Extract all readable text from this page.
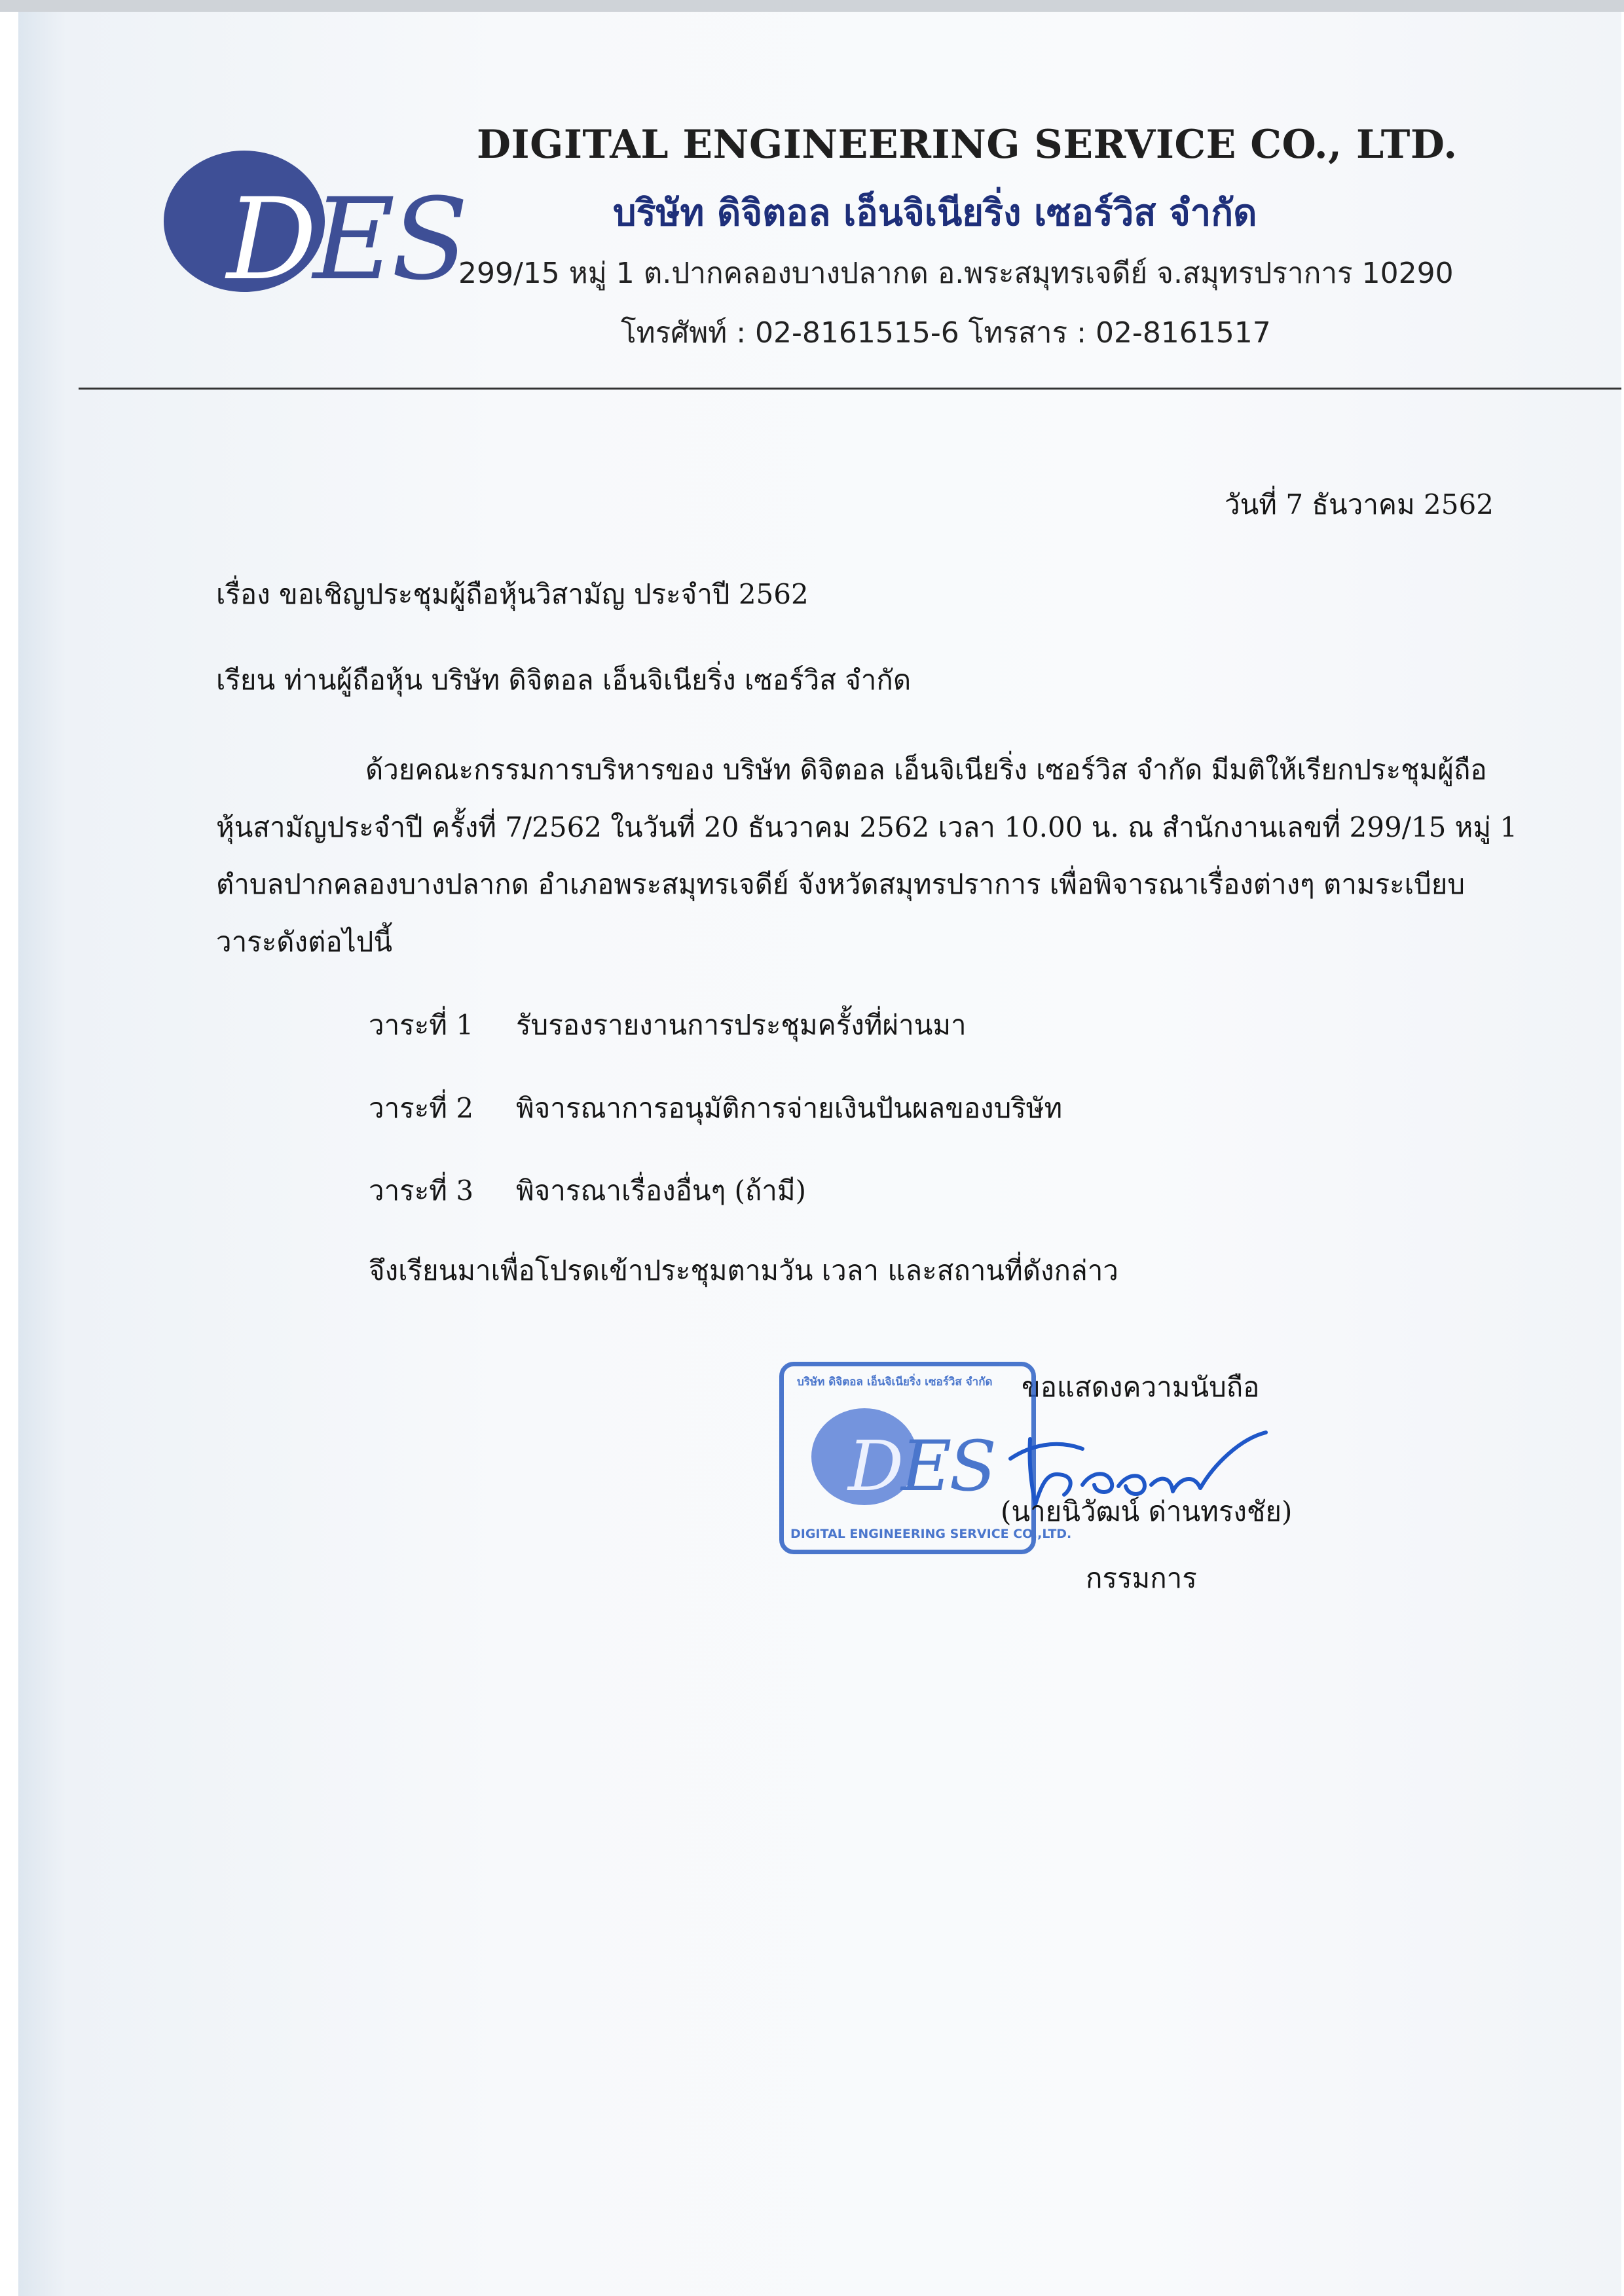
DES
DIGITAL ENGINEERING SERVICE CO., LTD.
บริษัท ดิจิตอล เอ็นจิเนียริ่ง เซอร์วิส จำกัด
299/15 หมู่ 1 ต.ปากคลองบางปลากด อ.พระสมุทรเจดีย์ จ.สมุทรปราการ 10290
โทรศัพท์ : 02-8161515-6 โทรสาร : 02-8161517
วันที่ 7 ธันวาคม 2562
เรื่อง ขอเชิญประชุมผู้ถือหุ้นวิสามัญ ประจำปี 2562
เรียน ท่านผู้ถือหุ้น บริษัท ดิจิตอล เอ็นจิเนียริ่ง เซอร์วิส จำกัด
ด้วยคณะกรรมการบริหารของ บริษัท ดิจิตอล เอ็นจิเนียริ่ง เซอร์วิส จำกัด มีมติให้เรียกประชุมผู้ถือ
หุ้นสามัญประจำปี ครั้งที่ 7/2562 ในวันที่ 20 ธันวาคม 2562 เวลา 10.00 น. ณ สำนักงานเลขที่ 299/15 หมู่ 1
ตำบลปากคลองบางปลากด อำเภอพระสมุทรเจดีย์ จังหวัดสมุทรปราการ เพื่อพิจารณาเรื่องต่างๆ ตามระเบียบ
วาระดังต่อไปนี้
วาระที่ 1 รับรองรายงานการประชุมครั้งที่ผ่านมา
วาระที่ 2 พิจารณาการอนุมัติการจ่ายเงินปันผลของบริษัท
วาระที่ 3 พิจารณาเรื่องอื่นๆ (ถ้ามี)
จึงเรียนมาเพื่อโปรดเข้าประชุมตามวัน เวลา และสถานที่ดังกล่าว
ขอแสดงความนับถือ
บริษัท ดิจิตอล เอ็นจิเนียริ่ง เซอร์วิส จำกัด
DES
DIGITAL ENGINEERING SERVICE CO.,LTD.
(นายนิวัฒน์ ด่านทรงชัย)
กรรมการ
